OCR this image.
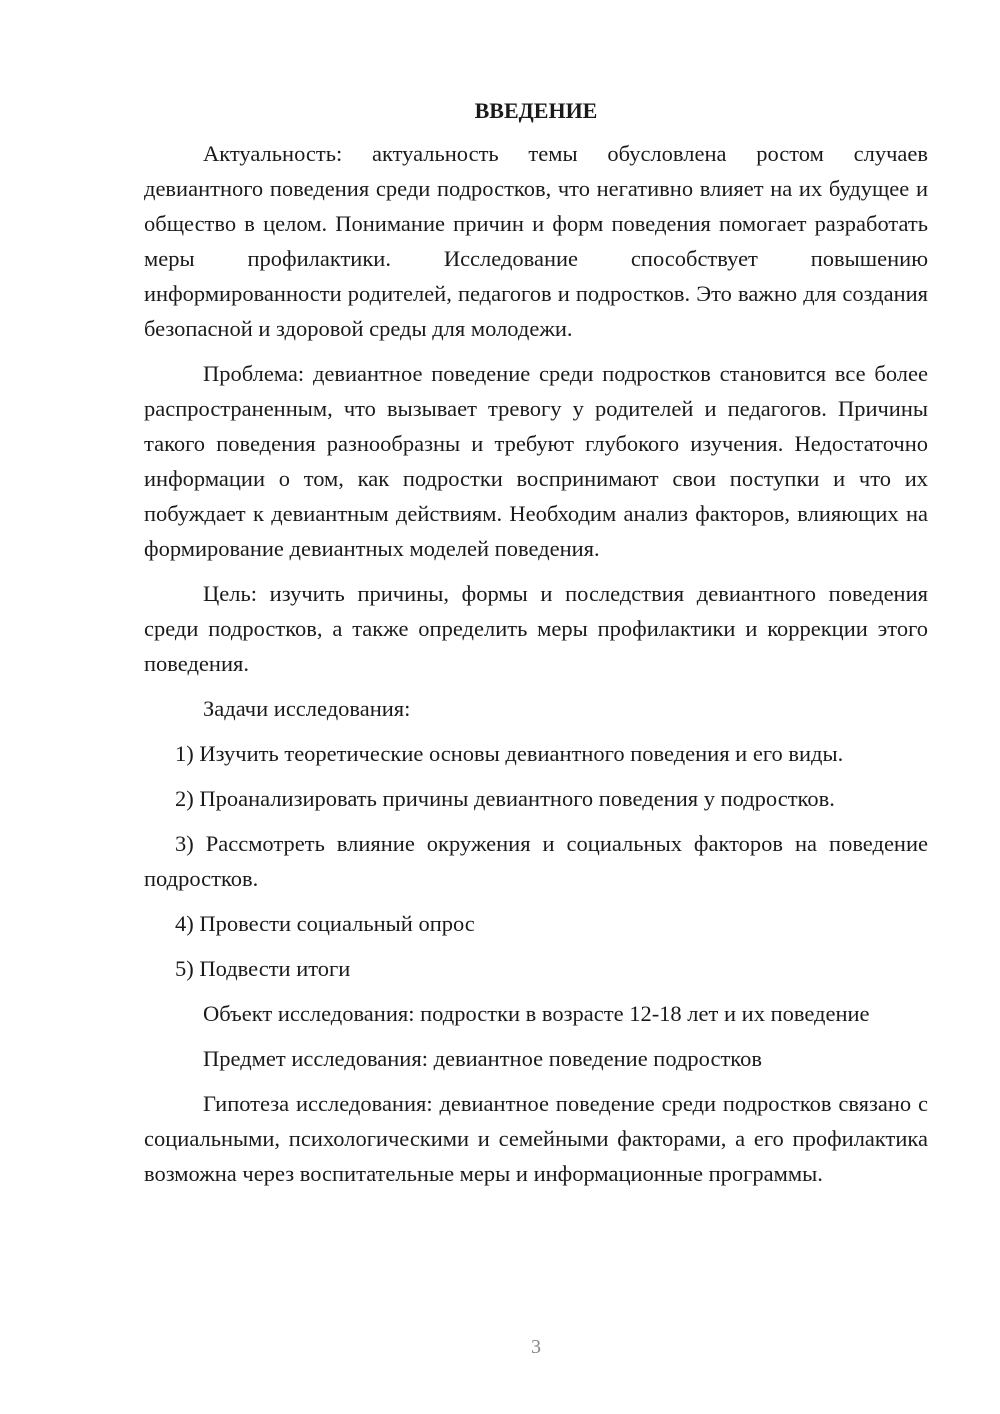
ВВЕДЕНИЕ

Актуальность: актуальность темы обусловлена ростом случаев девиантного поведения среди подростков, что негативно влияет на их будущее и общество в целом. Понимание причин и форм поведения помогает разработать меры профилактики. Исследование способствует повышению информированности родителей, педагогов и подростков. Это важно для создания безопасной и здоровой среды для молодежи.

Проблема: девиантное поведение среди подростков становится все более распространенным, что вызывает тревогу у родителей и педагогов. Причины такого поведения разнообразны и требуют глубокого изучения. Недостаточно информации о том, как подростки воспринимают свои поступки и что их побуждает к девиантным действиям. Необходим анализ факторов, влияющих на формирование девиантных моделей поведения.

Цель: изучить причины, формы и последствия девиантного поведения среди подростков, а также определить меры профилактики и коррекции этого поведения.

Задачи исследования:

1) Изучить теоретические основы девиантного поведения и его виды.

2) Проанализировать причины девиантного поведения у подростков.

3) Рассмотреть влияние окружения и социальных факторов на поведение подростков.

4) Провести социальный опрос

5) Подвести итоги

Объект исследования: подростки в возрасте 12-18 лет и их поведение

Предмет исследования: девиантное поведение подростков

Гипотеза исследования: девиантное поведение среди подростков связано с социальными, психологическими и семейными факторами, а его профилактика возможна через воспитательные меры и информационные программы.

3
